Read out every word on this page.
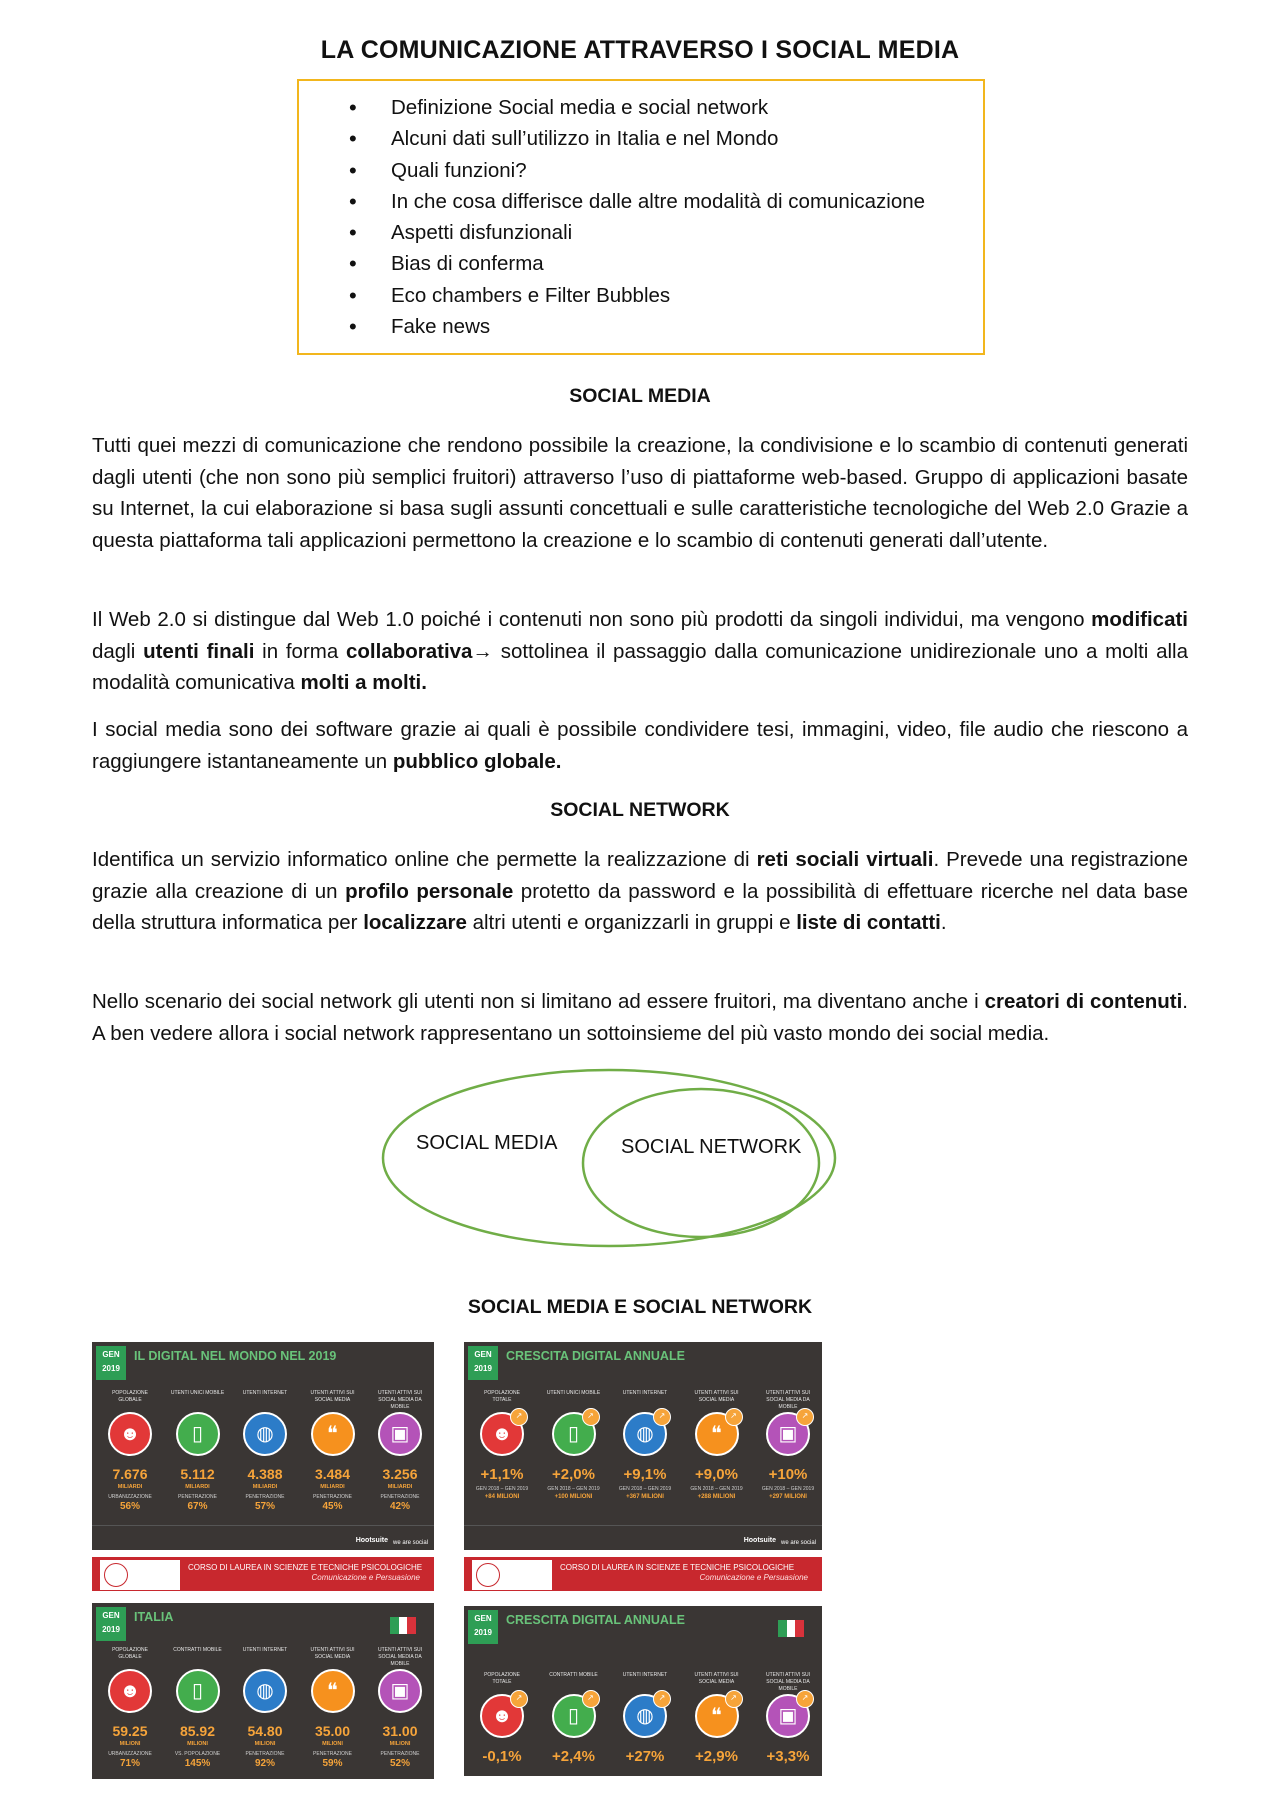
LA COMUNICAZIONE ATTRAVERSO I SOCIAL MEDIA
• Definizione Social media e social network
• Alcuni dati sull’utilizzo in Italia e nel Mondo
• Quali funzioni?
• In che cosa differisce dalle altre modalità di comunicazione
• Aspetti disfunzionali
• Bias di conferma
• Eco chambers e Filter Bubbles
• Fake news
SOCIAL MEDIA
Tutti quei mezzi di comunicazione che rendono possibile la creazione, la condivisione e lo scambio di contenuti generati dagli utenti (che non sono più semplici fruitori) attraverso l’uso di piattaforme web-based. Gruppo di applicazioni basate su Internet, la cui elaborazione si basa sugli assunti concettuali e sulle caratteristiche tecnologiche del Web 2.0 Grazie a questa piattaforma tali applicazioni permettono la creazione e lo scambio di contenuti generati dall’utente.
Il Web 2.0 si distingue dal Web 1.0 poiché i contenuti non sono più prodotti da singoli individui, ma vengono modificati dagli utenti finali in forma collaborativa→ sottolinea il passaggio dalla comunicazione unidirezionale uno a molti alla modalità comunicativa molti a molti.
I social media sono dei software grazie ai quali è possibile condividere tesi, immagini, video, file audio che riescono a raggiungere istantaneamente un pubblico globale.
SOCIAL NETWORK
Identifica un servizio informatico online che permette la realizzazione di reti sociali virtuali. Prevede una registrazione grazie alla creazione di un profilo personale protetto da password e la possibilità di effettuare ricerche nel data base della struttura informatica per localizzare altri utenti e organizzarli in gruppi e liste di contatti.
Nello scenario dei social network gli utenti non si limitano ad essere fruitori, ma diventano anche i creatori di contenuti. A ben vedere allora i social network rappresentano un sottoinsieme del più vasto mondo dei social media.
SOCIAL MEDIA	SOCIAL NETWORK
SOCIAL MEDIA E SOCIAL NETWORK
GEN 2019
IL DIGITAL NEL MONDO NEL 2019
POPOLAZIONE GLOBALE
☻
7.676
MILIARDI
URBANIZZAZIONE
56%
UTENTI UNICI MOBILE
▯
5.112
MILIARDI
PENETRAZIONE
67%
UTENTI INTERNET
◍
4.388
MILIARDI
PENETRAZIONE
57%
UTENTI ATTIVI SUI SOCIAL MEDIA
❝
3.484
MILIARDI
PENETRAZIONE
45%
UTENTI ATTIVI SUI SOCIAL MEDIA DA MOBILE
▣
3.256
MILIARDI
PENETRAZIONE
42%
Hootsuite we are social
GEN 2019
CRESCITA DIGITAL ANNUALE
POPOLAZIONE TOTALE
☻
↗
+1,1%
GEN 2018 – GEN 2019
+84 MILIONI
UTENTI UNICI MOBILE
▯
↗
+2,0%
GEN 2018 – GEN 2019
+100 MILIONI
UTENTI INTERNET
◍
↗
+9,1%
GEN 2018 – GEN 2019
+367 MILIONI
UTENTI ATTIVI SUI SOCIAL MEDIA
❝
↗
+9,0%
GEN 2018 – GEN 2019
+288 MILIONI
UTENTI ATTIVI SUI SOCIAL MEDIA DA MOBILE
▣
↗
+10%
GEN 2018 – GEN 2019
+297 MILIONI
Hootsuite we are social
CORSO DI LAUREA IN SCIENZE E TECNICHE PSICOLOGICHE
Comunicazione e Persuasione
CORSO DI LAUREA IN SCIENZE E TECNICHE PSICOLOGICHE
Comunicazione e Persuasione
GEN 2019
ITALIA
POPOLAZIONE GLOBALE
☻
59.25
MILIONI
URBANIZZAZIONE
71%
CONTRATTI MOBILE
▯
85.92
MILIONI
VS. POPOLAZIONE
145%
UTENTI INTERNET
◍
54.80
MILIONI
PENETRAZIONE
92%
UTENTI ATTIVI SUI SOCIAL MEDIA
❝
35.00
MILIONI
PENETRAZIONE
59%
UTENTI ATTIVI SUI SOCIAL MEDIA DA MOBILE
▣
31.00
MILIONI
PENETRAZIONE
52%
GEN 2019
CRESCITA DIGITAL ANNUALE
POPOLAZIONE TOTALE
☻
↗
-0,1%
CONTRATTI MOBILE
▯
↗
+2,4%
UTENTI INTERNET
◍
↗
+27%
UTENTI ATTIVI SUI SOCIAL MEDIA
❝
↗
+2,9%
UTENTI ATTIVI SUI SOCIAL MEDIA DA MOBILE
▣
↗
+3,3%
